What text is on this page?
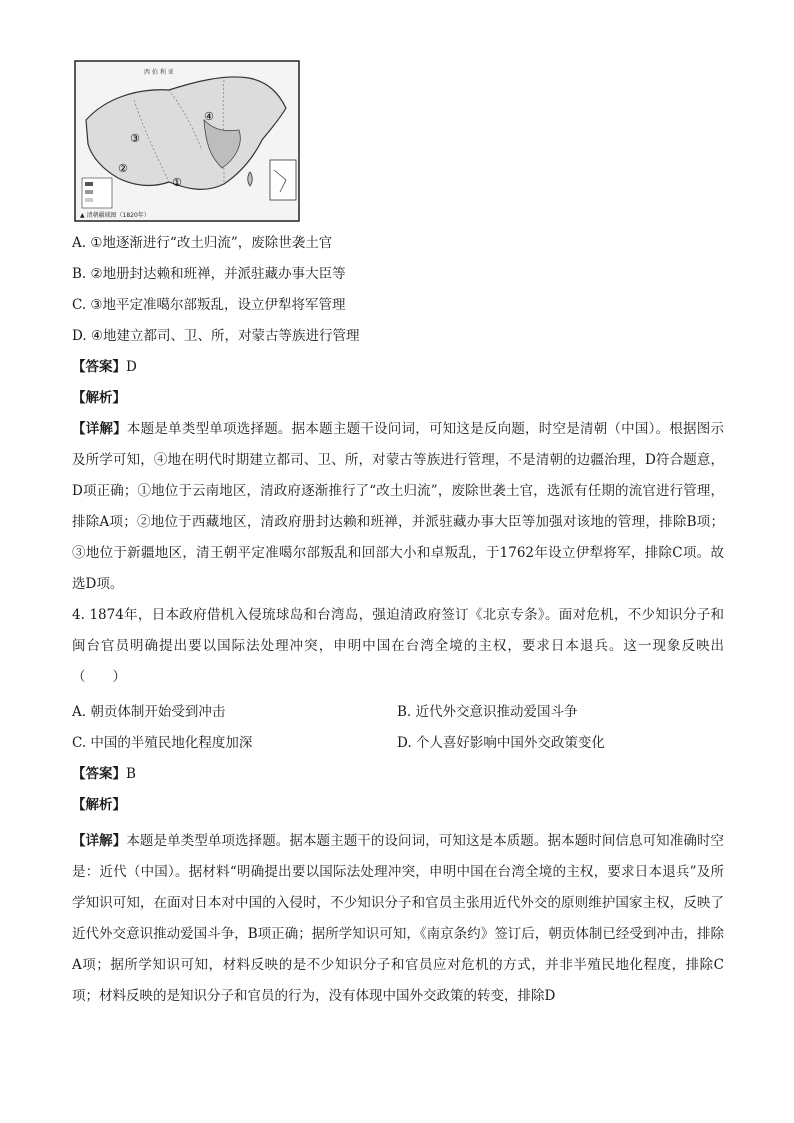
②
③
④
①
西 伯 利 亚
▲ 清朝疆域图（1820年）
A. ①地逐渐进行“改土归流”，废除世袭土官
B. ②地册封达赖和班禅，并派驻藏办事大臣等
C. ③地平定准噶尔部叛乱，设立伊犁将军管理
D. ④地建立都司、卫、所，对蒙古等族进行管理
【答案】D
【解析】
【详解】本题是单类型单项选择题。据本题主题干设问词，可知这是反向题，时空是清朝（中国）。根据图示及所学可知，④地在明代时期建立都司、卫、所，对蒙古等族进行管理，不是清朝的边疆治理，D符合题意，D项正确；①地位于云南地区，清政府逐渐推行了“改土归流”，废除世袭土官，选派有任期的流官进行管理，排除A项；②地位于西藏地区，清政府册封达赖和班禅，并派驻藏办事大臣等加强对该地的管理，排除B项；③地位于新疆地区，清王朝平定准噶尔部叛乱和回部大小和卓叛乱，于1762年设立伊犁将军，排除C项。故选D项。
4. 1874年，日本政府借机入侵琉球岛和台湾岛，强迫清政府签订《北京专条》。面对危机，不少知识分子和闽台官员明确提出要以国际法处理冲突，申明中国在台湾全境的主权，要求日本退兵。这一现象反映出（　　）
A. 朝贡体制开始受到冲击	B. 近代外交意识推动爱国斗争
C. 中国的半殖民地化程度加深	D. 个人喜好影响中国外交政策变化
【答案】B
【解析】
【详解】本题是单类型单项选择题。据本题主题干的设问词，可知这是本质题。据本题时间信息可知准确时空是：近代（中国）。据材料“明确提出要以国际法处理冲突，申明中国在台湾全境的主权，要求日本退兵”及所学知识可知，在面对日本对中国的入侵时，不少知识分子和官员主张用近代外交的原则维护国家主权，反映了近代外交意识推动爱国斗争，B项正确；据所学知识可知，《南京条约》签订后，朝贡体制已经受到冲击，排除A项；据所学知识可知，材料反映的是不少知识分子和官员应对危机的方式，并非半殖民地化程度，排除C项；材料反映的是知识分子和官员的行为，没有体现中国外交政策的转变，排除D
